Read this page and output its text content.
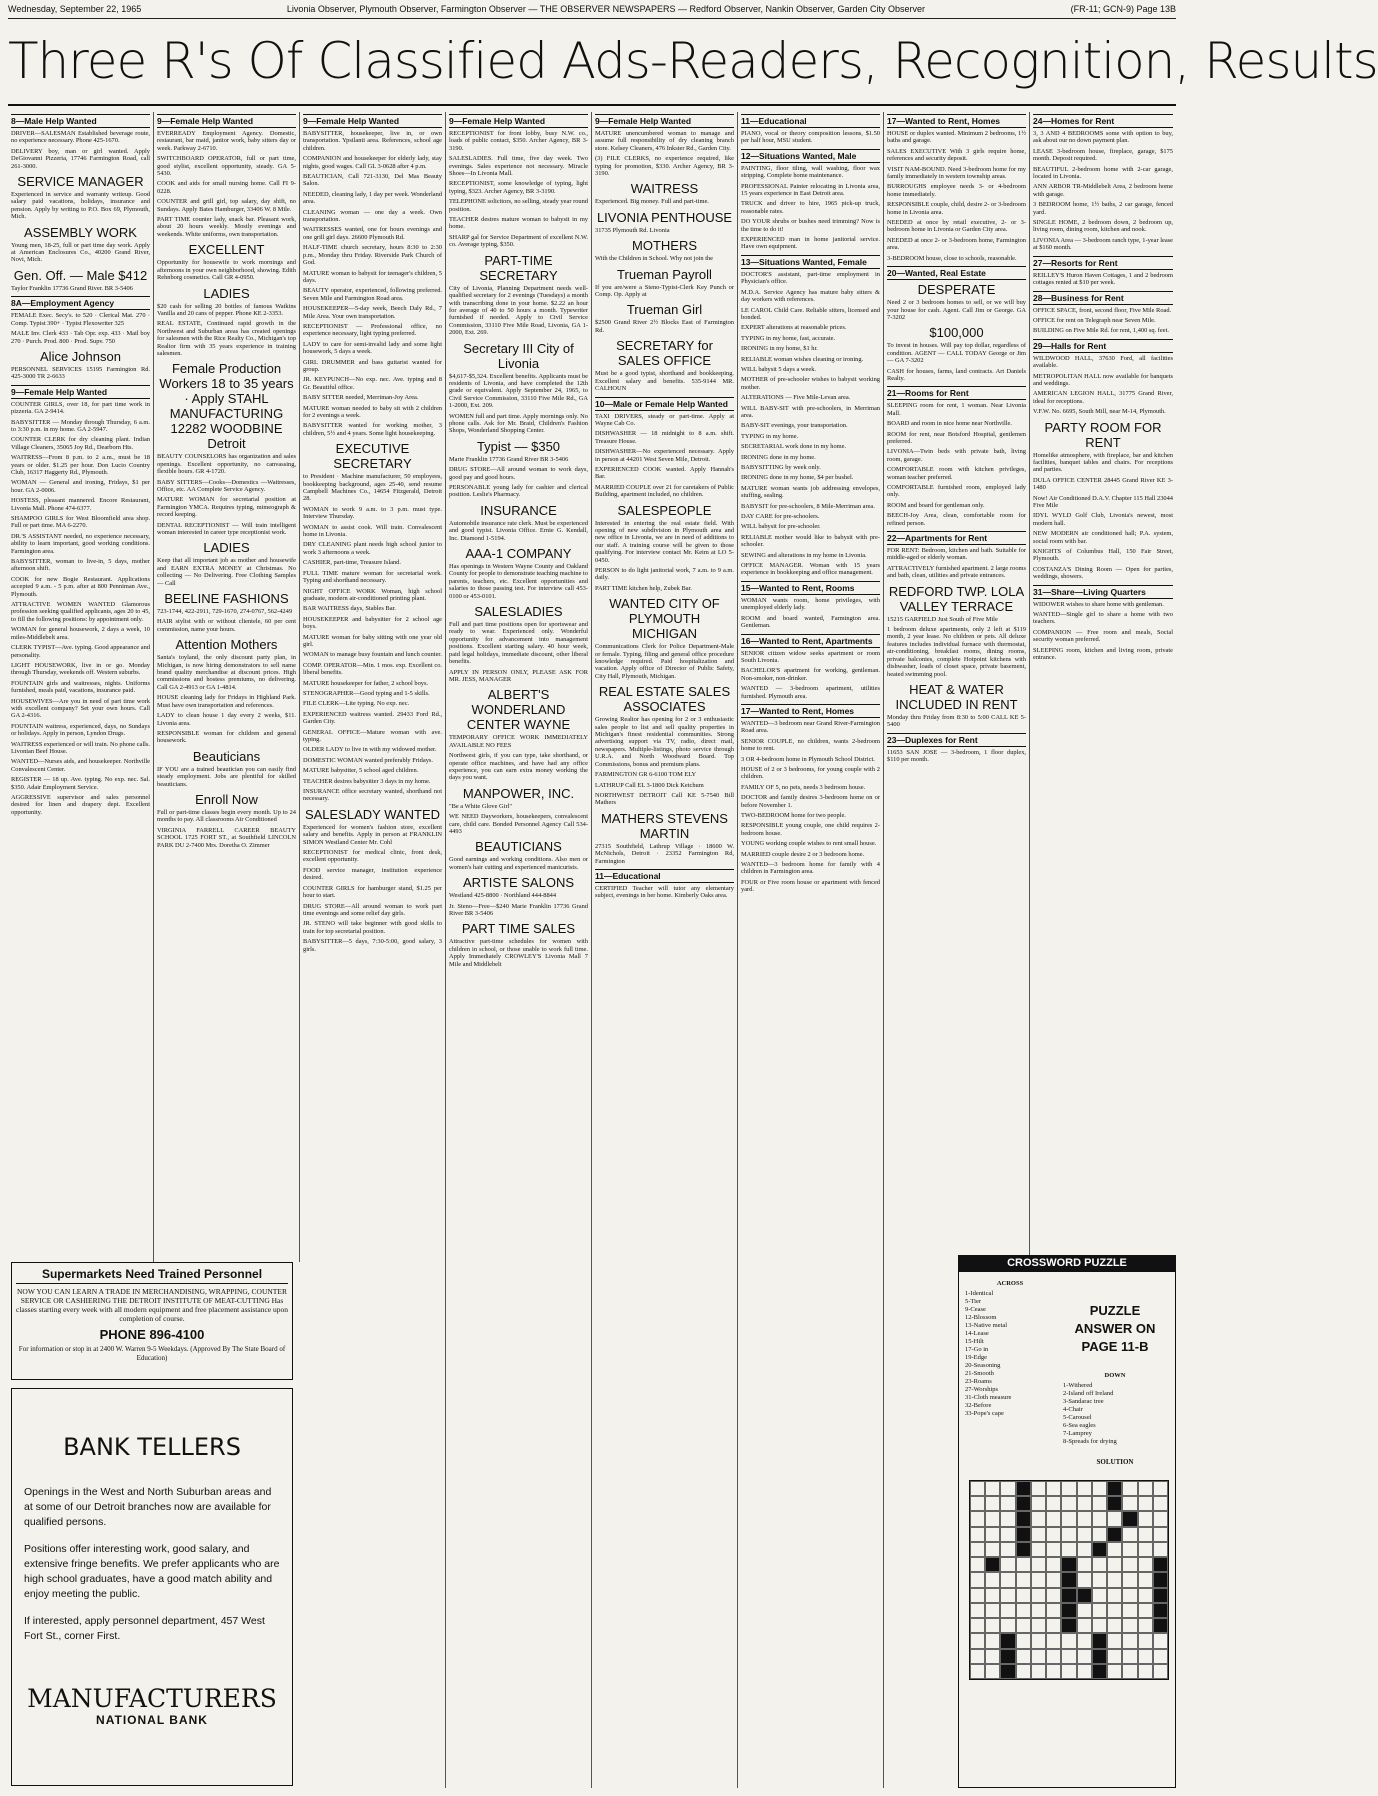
Wednesday, September 22, 1965	Livonia Observer, Plymouth Observer, Farmington Observer — THE OBSERVER NEWSPAPERS — Redford Observer, Nankin Observer, Garden City Observer	(FR-11; GCN-9) Page 13B
Three R's Of Classified Ads-Readers, Recognition, Results
8—Male Help Wanted
DRIVER—SALESMAN Established beverage route, no experience necessary. Phone 425-1670.
DELIVERY boy, man or girl wanted. Apply DeGiovanni Pizzeria, 17746 Farmington Road, call 261-3000.
SERVICE MANAGER
Experienced in service and warranty writeup. Good salary paid vacations, holidays, insurance and pension. Apply by writing to P.O. Box 69, Plymouth, Mich.
ASSEMBLY WORK
Young men, 18-25, full or part time day work. Apply at American Enclosures Co., 40200 Grand River, Novi, Mich.
Gen. Off. — Male $412
Taylor Franklin 17736 Grand River. BR 3-5406
8A—Employment Agency
FEMALE Exec. Secy's. to 520 · Clerical Mat. 270 · Comp. Typist 390+ · Typist Flexowriter 325
MALE Inv. Clerk 433 · Tab Opr. exp. 433 · Mail boy 270 · Purch. Prod. 800 · Prod. Supv. 750
Alice Johnson
PERSONNEL SERVICES 15195 Farmington Rd. 425-3000 TR 2-6633
9—Female Help Wanted
COUNTER GIRLS, over 18, for part time work in pizzeria. GA 2-9414.
BABYSITTER — Monday through Thursday, 6 a.m. to 3:30 p.m. in my home. GA 2-5947.
COUNTER CLERK for dry cleaning plant. Indian Village Cleaners, 35065 Joy Rd., Dearborn Hts.
WAITRESS—From 8 p.m. to 2 a.m., must be 18 years or older. $1.25 per hour. Don Lucio Country Club, 16317 Haggerty Rd., Plymouth.
WOMAN — General and ironing, Fridays, $1 per hour. GA 2-0006.
HOSTESS, pleasant mannered. Encore Restaurant, Livonia Mall. Phone 474-6377.
SHAMPOO GIRLS for West Bloomfield area shop. Full or part time. MA 6-2270.
DR.'S ASSISTANT needed, no experience necessary, ability to learn important, good working conditions. Farmington area.
BABYSITTER, woman to live-in, 5 days, mother afternoon shift.
COOK for new Bogie Restaurant. Applications accepted 9 a.m. - 5 p.m. after at 800 Penniman Ave., Plymouth.
ATTRACTIVE WOMEN WANTED Glamorous profession seeking qualified applicants, ages 20 to 45, to fill the following positions: by appointment only.
WOMAN for general housework, 2 days a week, 10 miles-Middlebelt area.
CLERK TYPIST—Ave. typing. Good appearance and personality.
LIGHT HOUSEWORK, live in or go. Monday through Thursday, weekends off. Western suburbs.
FOUNTAIN girls and waitresses, nights. Uniforms furnished, meals paid, vacations, insurance paid.
HOUSEWIVES—Are you in need of part time work with excellent company? Set your own hours. Call GA 2-4316.
FOUNTAIN waitress, experienced, days, no Sundays or holidays. Apply in person, Lyndon Drugs.
WAITRESS experienced or will train. No phone calls. Livonian Beef House.
WANTED—Nurses aids, and housekeeper. Northville Convalescent Center.
REGISTER — 18 up. Ave. typing. No exp. nec. Sal. $350. Adair Employment Service.
AGGRESSIVE supervisor and sales personnel desired for linen and drapery dept. Excellent opportunity.
9—Female Help Wanted
EVERREADY Employment Agency. Domestic, restaurant, bar maid, janitor work, baby sitters day or week. Parkway 2-6710.
SWITCHBOARD OPERATOR, full or part time, good stylist, excellent opportunity, steady. GA 5-5430.
COOK and aids for small nursing home. Call FI 9-0228.
COUNTER and grill girl, top salary, day shift, no Sundays. Apply Bates Hamburger, 33406 W. 8 Mile.
PART TIME counter lady, snack bar. Pleasant work, about 20 hours weekly. Mostly evenings and weekends. White uniforms, own transportation.
EXCELLENT
Opportunity for housewife to work mornings and afternoons in your own neighborhood, showing. Edith Rehnborg cosmetics. Call GR 4-0950.
LADIES
$20 cash for selling 20 bottles of famous Watkins Vanilla and 20 cans of pepper. Phone KE 2-3353.
REAL ESTATE, Continued rapid growth in the Northwest and Suburban areas has created openings for salesmen with the Rice Realty Co., Michigan's top Realtor firm with 35 years experience in training salesmen.
Female Production Workers 18 to 35 years · Apply STAHL MANUFACTURING 12282 WOODBINE Detroit
BEAUTY COUNSELORS has organization and sales openings. Excellent opportunity, no canvassing, flexible hours. GR 4-1720.
BABY SITTERS—Cooks—Domestics —Waitresses, Office, etc. AA Complete Service Agency.
MATURE WOMAN for secretarial position at Farmington YMCA. Requires typing, mimeograph & record keeping.
DENTAL RECEPTIONIST — Will train intelligent woman interested in career type receptionist work.
LADIES
Keep that all important job as mother and housewife and EARN EXTRA MONEY at Christmas. No collecting — No Delivering. Free Clothing Samples — Call
BEELINE FASHIONS
723-1744, 422-2911, 729-1670, 274-0767, 562-4249
HAIR stylist with or without clientele, 60 per cent commission, name your hours.
Attention Mothers
Santa's toyland, the only discount party plan, in Michigan, is now hiring demonstrators to sell name brand quality merchandise at discount prices. High commissions and hostess premiums, no delivering. Call GA 2-4913 or GA 1-4814.
HOUSE cleaning lady for Fridays in Highland Park. Must have own transportation and references.
LADY to clean house 1 day every 2 weeks, $11. Livonia area.
RESPONSIBLE woman for children and general housework.
Beauticians
IF YOU are a trained beautician you can easily find steady employment. Jobs are plentiful for skilled beauticians.
Enroll Now
Full or part-time classes begin every month. Up to 24 months to pay. All classrooms Air Conditioned
VIRGINIA FARRELL CAREER BEAUTY SCHOOL 1725 FORT ST., at Southfield LINCOLN PARK DU 2-7400 Mrs. Doretha O. Zimmer
9—Female Help Wanted
BABYSITTER, housekeeper, live in, or own transportation. Ypsilanti area. References, school age children.
COMPANION and housekeeper for elderly lady, stay nights, good wages. Call GL 3-0628 after 4 p.m.
BEAUTICIAN, Call 721-3130, Del Mas Beauty Salon.
NEEDED, cleaning lady, 1 day per week. Wonderland area.
CLEANING woman — one day a week. Own transportation.
WAITRESSES wanted, one for hours evenings and one grill girl days. 26600 Plymouth Rd.
HALF-TIME church secretary, hours 8:30 to 2:30 p.m., Monday thru Friday. Riverside Park Church of God.
MATURE woman to babysit for teenager's children, 5 days.
BEAUTY operator, experienced, following preferred. Seven Mile and Farmington Road area.
HOUSEKEEPER—5-day week, Beech Daly Rd., 7 Mile Area. Your own transportation.
RECEPTIONIST — Professional office, no experience necessary, light typing preferred.
LADY to care for semi-invalid lady and some light housework, 5 days a week.
GIRL DRUMMER and bass guitarist wanted for group.
JR. KEYPUNCH—No exp. nec. Ave. typing and 8 Gr. Beautiful office.
BABY SITTER needed, Merriman-Joy Area.
MATURE woman needed to baby sit with 2 children for 2 evenings a week.
BABYSITTER wanted for working mother, 3 children, 5½ and 4 years. Some light housekeeping.
EXECUTIVE SECRETARY
to President · Machine manufacturer, 50 employees, bookkeeping background, ages 25-40, send resume Campbell Machines Co., 14654 Fitzgerald, Detroit 28.
WOMAN to work 9 a.m. to 3 p.m. must type. Interview Thursday.
WOMAN to assist cook. Will train. Convalescent home in Livonia.
DRY CLEANING plant needs high school junior to work 3 afternoons a week.
CASHIER, part-time, Treasure Island.
FULL TIME mature woman for secretarial work. Typing and shorthand necessary.
NIGHT OFFICE WORK Woman, high school graduate, modern air-conditioned printing plant.
BAR WAITRESS days, Stables Bar.
HOUSEKEEPER and babysitter for 2 school age boys.
MATURE woman for baby sitting with one year old girl.
WOMAN to manage busy fountain and lunch counter.
COMP. OPERATOR—Min. 1 mos. exp. Excellent co. liberal benefits.
MATURE housekeeper for father, 2 school boys.
STENOGRAPHER—Good typing and 1-5 skills.
FILE CLERK—Lite typing. No exp. nec.
EXPERIENCED waitress wanted. 29433 Ford Rd., Garden City.
GENERAL OFFICE—Mature woman with ave. typing.
OLDER LADY to live in with my widowed mother.
DOMESTIC WOMAN wanted preferably Fridays.
MATURE babysitter, 5 school aged children.
TEACHER desires babysitter 3 days in my home.
INSURANCE office secretary wanted, shorthand not necessary.
SALESLADY WANTED
Experienced for women's fashion store, excellent salary and benefits. Apply in person at FRANKLIN SIMON Westland Center Mr. Cohl
RECEPTIONIST for medical clinic, front desk, excellent opportunity.
FOOD service manager, institution experience desired.
COUNTER GIRLS for hamburger stand, $1.25 per hour to start.
DRUG STORE—All around woman to work part time evenings and some relief day girls.
JR. STENO will take beginner with good skills to train for top secretarial position.
BABYSITTER—5 days, 7:30-5:00, good salary, 3 girls.
9—Female Help Wanted
RECEPTIONIST for front lobby, busy N.W. co., loads of public contact, $350. Archer Agency, BR 3-3190.
SALESLADIES. Full time, five day week. Two evenings. Sales experience not necessary. Miracle Shoes—In Livonia Mall.
RECEPTIONIST, some knowledge of typing, light typing, $323. Archer Agency, BR 3-3190.
TELEPHONE solicitors, no selling, steady year round position.
TEACHER desires mature woman to babysit in my home.
SHARP gal for Service Department of excellent N.W. co. Average typing, $350.
PART-TIME SECRETARY
City of Livonia, Planning Department needs well-qualified secretary for 2 evenings (Tuesdays) a month with transcribing done in your home. $2.22 an hour for average of 40 to 50 hours a month. Typewriter furnished if needed. Apply to Civil Service Commission, 33110 Five Mile Road, Livonia, GA 1-2000, Ext. 269.
Secretary III City of Livonia
$4,617-$5,324. Excellent benefits. Applicants must be residents of Livonia, and have completed the 12th grade or equivalent. Apply September 24, 1965, to Civil Service Commission, 33110 Five Mile Rd., GA 1-2000, Ext. 209.
WOMEN full and part time. Apply mornings only. No phone calls. Ask for Mr. Braid, Children's Fashion Shops, Wonderland Shopping Center.
Typist — $350
Marie Franklin 17736 Grand River BR 3-5406
DRUG STORE—All around woman to work days, good pay and good hours.
PERSONABLE young lady for cashier and clerical position. Leslie's Pharmacy.
INSURANCE
Automobile insurance rate clerk. Must be experienced and good typist. Livonia Office. Ernie G. Kendall, Inc. Diamond 1-5194.
AAA-1 COMPANY
Has openings in Western Wayne County and Oakland County for people to demonstrate teaching machine to parents, teachers, etc. Excellent opportunities and salaries to those passing test. For interview call 453-0100 or 453-0101.
SALESLADIES
Full and part time positions open for sportswear and ready to wear. Experienced only. Wonderful opportunity for advancement into management positions. Excellent starting salary. 40 hour week, paid legal holidays, immediate discount, other liberal benefits.
APPLY IN PERSON ONLY, PLEASE ASK FOR MR. JESS, MANAGER
ALBERT'S WONDERLAND CENTER WAYNE
TEMPORARY OFFICE WORK IMMEDIATELY AVAILABLE NO FEES
Northwest girls, if you can type, take shorthand, or operate office machines, and have had any office experience, you can earn extra money working the days you want.
MANPOWER, INC.
"Be a White Glove Girl"
WE NEED Dayworkers, housekeepers, convalescent care, child care. Bonded Personnel Agency Call 534-4493
BEAUTICIANS
Good earnings and working conditions. Also men or women's hair cutting and experienced manicurists.
ARTISTE SALONS
Westland 425-8800 · Northland 444-8844
Jr. Steno—Free—$240 Marie Franklin 17736 Grand River BR 3-5406
PART TIME SALES
Attractive part-time schedules for women with children in school, or those unable to work full time. Apply Immediately CROWLEY'S Livonia Mall 7 Mile and Middlebelt
9—Female Help Wanted
MATURE unencumbered woman to manage and assume full responsibility of dry cleaning branch store. Kelsey Cleaners, 476 Inkster Rd., Garden City.
(3) FILE CLERKS, no experience required, like typing for promotion, $330. Archer Agency, BR 3-3190.
WAITRESS
Experienced. Big money. Full and part-time.
LIVONIA PENTHOUSE
31735 Plymouth Rd. Livonia
MOTHERS
With the Children in School. Why not join the
Trueman Payroll
If you are/were a Steno-Typist-Clerk Key Punch or Comp. Op. Apply at
Trueman Girl
$2500 Grand River 2½ Blocks East of Farmington Rd.
SECRETARY for SALES OFFICE
Must be a good typist, shorthand and bookkeeping. Excellent salary and benefits. 535-9144 MR. CALHOUN
10—Male or Female Help Wanted
TAXI DRIVERS, steady or part-time. Apply at Wayne Cab Co.
DISHWASHER — 18 midnight to 8 a.m. shift. Treasure House.
DISHWASHER—No experienced necessary. Apply in person at 44201 West Seven Mile, Detroit.
EXPERIENCED COOK wanted. Apply Hannah's Bar.
MARRIED COUPLE over 21 for caretakers of Public Building, apartment included, no children.
SALESPEOPLE
Interested in entering the real estate field. With opening of new subdivision in Plymouth area and new office in Livonia, we are in need of additions to our staff. A training course will be given to those qualifying. For interview contact Mr. Keim at LO 5-0450.
PERSON to do light janitorial work, 7 a.m. to 9 a.m. daily.
PART TIME kitchen help, Zubek Bar.
WANTED CITY OF PLYMOUTH MICHIGAN
Communications Clerk for Police Department-Male or female. Typing, filing and general office procedure knowledge required. Paid hospitalization and vacation. Apply office of Director of Public Safety, City Hall, Plymouth, Michigan.
REAL ESTATE SALES ASSOCIATES
Growing Realtor has opening for 2 or 3 enthusiastic sales people to list and sell quality properties in Michigan's finest residential communities. Strong advertising support via TV, radio, direct mail, newspapers. Multiple-listings, photo service through U.R.A. and North Woodward Board. Top Commissions, bonus and premium plans.
FARMINGTON GR 6-6100 TOM ELY
LATHRUP Call EL 3-1800 Dick Ketchum
NORTHWEST DETROIT Call KE 5-7540 Bill Mathers
MATHERS STEVENS MARTIN
27315 Southfield, Lathrup Village · 18600 W. McNichols, Detroit · 23352 Farmington Rd, Farmington
11—Educational
CERTIFIED Teacher will tutor any elementary subject, evenings in her home. Kimberly Oaks area.
11—Educational
PIANO, vocal or theory composition lessons, $1.50 per half hour, MSU student.
12—Situations Wanted, Male
PAINTING, floor tiling, wall washing, floor wax stripping. Complete home maintenance.
PROFESSIONAL Painter relocating in Livonia area, 15 years experience in East Detroit area.
TRUCK and driver to hire, 1965 pick-up truck, reasonable rates.
DO YOUR shrubs or bushes need trimming? Now is the time to do it!
EXPERIENCED man in home janitorial service. Have own equipment.
13—Situations Wanted, Female
DOCTOR'S assistant, part-time employment in Physician's office.
M.D.A. Service Agency has mature baby sitters & day workers with references.
LE CAROL Child Care. Reliable sitters, licensed and bonded.
EXPERT alterations at reasonable prices.
TYPING in my home, fast, accurate.
IRONING in my home, $1 hr.
RELIABLE woman wishes cleaning or ironing.
WILL babysit 5 days a week.
MOTHER of pre-schooler wishes to babysit working mother.
ALTERATIONS — Five Mile-Levan area.
WILL BABY-SIT with pre-schoolers, in Merriman area.
BABY-SIT evenings, your transportation.
TYPING in my home.
SECRETARIAL work done in my home.
IRONING done in my home.
BABYSITTING by week only.
IRONING done in my home, $4 per bushel.
MATURE woman wants job addressing envelopes, stuffing, sealing.
BABYSIT for pre-schoolers, 8 Mile-Merriman area.
DAY CARE for pre-schoolers.
WILL babysit for pre-schooler.
RELIABLE mother would like to babysit with pre-schooler.
SEWING and alterations in my home in Livonia.
OFFICE MANAGER. Woman with 15 years experience in bookkeeping and office management.
15—Wanted to Rent, Rooms
WOMAN wants room, home privileges, with unemployed elderly lady.
ROOM and board wanted, Farmington area. Gentleman.
16—Wanted to Rent, Apartments
SENIOR citizen widow seeks apartment or room South Livonia.
BACHELOR'S apartment for working, gentleman. Non-smoker, non-drinker.
WANTED — 3-bedroom apartment, utilities furnished. Plymouth area.
17—Wanted to Rent, Homes
WANTED—3 bedroom near Grand River-Farmington Road area.
SENIOR COUPLE, no children, wants 2-bedroom home to rent.
3 OR 4-bedroom home in Plymouth School District.
HOUSE of 2 or 3 bedrooms, for young couple with 2 children.
FAMILY OF 5, no pets, needs 3 bedroom house.
DOCTOR and family desires 3-bedroom home on or before November 1.
TWO-BEDROOM home for two people.
RESPONSIBLE young couple, one child requires 2-bedroom house.
YOUNG working couple wishes to rent small house.
MARRIED couple desire 2 or 3 bedroom home.
WANTED—3 bedroom home for family with 4 children in Farmington area.
FOUR or Five room house or apartment with fenced yard.
17—Wanted to Rent, Homes
HOUSE or duplex wanted. Minimum 2 bedrooms, 1½ baths and garage.
SALES EXECUTIVE With 3 girls require home, references and security deposit.
VISIT NAM-BOUND. Need 3-bedroom home for my family immediately in western township areas.
BURROUGHS employee needs 3- or 4-bedroom home immediately.
RESPONSIBLE couple, child, desire 2- or 3-bedroom home in Livonia area.
NEEDED at once by retail executive, 2- or 3-bedroom home in Livonia or Garden City area.
NEEDED at once 2- or 3-bedroom home, Farmington area.
3-BEDROOM house, close to schools, reasonable.
20—Wanted, Real Estate
DESPERATE
Need 2 or 3 bedroom homes to sell, or we will buy your house for cash. Agent. Call Jim or George. GA 7-3202
$100,000
To invest in houses. Will pay top dollar, regardless of condition. AGENT — CALL TODAY George or Jim — GA 7-3202
CASH for houses, farms, land contracts. Art Daniels Realty.
21—Rooms for Rent
SLEEPING room for rent, 1 woman. Near Livonia Mall.
BOARD and room in nice home near Northville.
ROOM for rent, near Botsford Hospital, gentlemen preferred.
LIVONIA—Twin beds with private bath, living room, garage.
COMFORTABLE room with kitchen privileges, woman teacher preferred.
COMFORTABLE furnished room, employed lady only.
ROOM and board for gentleman only.
BEECH-Joy Area, clean, comfortable room for refined person.
22—Apartments for Rent
FOR RENT: Bedroom, kitchen and bath. Suitable for middle-aged or elderly woman.
ATTRACTIVELY furnished apartment. 2 large rooms and bath, clean, utilities and private entrances.
REDFORD TWP. LOLA VALLEY TERRACE
15215 GARFIELD Just South of Five Mile
1 bedroom deluxe apartments, only 2 left at $119 month, 2 year lease. No children or pets. All deluxe features includes individual furnace with thermostat, air-conditioning, breakfast rooms, dining rooms, private balconies, complete Hotpoint kitchens with dishwasher, loads of closet space, private basement, heated swimming pool.
HEAT & WATER INCLUDED IN RENT
Monday thru Friday from 8:30 to 5:00 CALL KE 5-5400
23—Duplexes for Rent
11653 SAN JOSE — 3-bedroom, 1 floor duplex, $110 per month.
24—Homes for Rent
3, 3 AND 4 BEDROOMS some with option to buy, ask about our no down payment plan.
LEASE 3-bedroom house, fireplace, garage, $175 month. Deposit required.
BEAUTIFUL 2-bedroom home with 2-car garage, located in Livonia.
ANN ARBOR TR-Middlebelt Area, 2 bedroom home with garage.
3 BEDROOM home, 1½ baths, 2 car garage, fenced yard.
SINGLE HOME, 2 bedroom down, 2 bedroom up, living room, dining room, kitchen and nook.
LIVONIA Area — 3-bedroom ranch type, 1-year lease at $160 month.
27—Resorts for Rent
REILLEY'S Huron Haven Cottages, 1 and 2 bedroom cottages rented at $10 per week.
28—Business for Rent
OFFICE SPACE, front, second floor, Five Mile Road.
OFFICE for rent on Telegraph near Seven Mile.
BUILDING on Five Mile Rd. for rent, 1,400 sq. feet.
29—Halls for Rent
WILDWOOD HALL, 37630 Ford, all facilities available.
METROPOLITAN HALL now available for banquets and weddings.
AMERICAN LEGION HALL, 31775 Grand River, ideal for receptions.
V.F.W. No. 6695, South Mill, near M-14, Plymouth.
PARTY ROOM FOR RENT
Homelike atmosphere, with fireplace, bar and kitchen facilities, banquet tables and chairs. For receptions and parties.
DULA OFFICE CENTER 28445 Grand River KE 3-1480
Now! Air Conditioned D.A.V. Chapter 115 Hall 23044 Five Mile
IDYL WYLD Golf Club, Livonia's newest, most modern hall.
NEW MODERN air conditioned hall; P.A. system, social room with bar.
KNIGHTS of Columbus Hall, 150 Fair Street, Plymouth.
COSTANZA'S Dining Room — Open for parties, weddings, showers.
31—Share—Living Quarters
WIDOWER wishes to share home with gentleman.
WANTED—Single girl to share a home with two teachers.
COMPANION — Free room and meals, Social security woman preferred.
SLEEPING room, kitchen and living room, private entrance.
Supermarkets Need Trained Personnel
NOW YOU CAN LEARN A TRADE IN MERCHANDISING, WRAPPING, COUNTER SERVICE OR CASHIERING THE DETROIT INSTITUTE OF MEAT-CUTTING Has classes starting every week with all modern equipment and free placement assistance upon completion of course.
PHONE 896-4100
For information or stop in at 2400 W. Warren 9-5 Weekdays. (Approved By The State Board of Education)
BANK TELLERS
Openings in the West and North Suburban areas and at some of our Detroit branches now are available for qualified persons.
Positions offer interesting work, good salary, and extensive fringe benefits. We prefer applicants who are high school graduates, have a good match ability and enjoy meeting the public.
If interested, apply personnel department, 457 West Fort St., corner First.
MANUFACTURERS
NATIONAL BANK
CROSSWORD PUZZLE
ACROSS
1-Identical
5-Tier
9-Cease
12-Blossom
13-Native metal
14-Lease
15-Hilt
17-Go in
19-Edge
20-Seasoning
21-Smooth
23-Roams
27-Worships
31-Cloth measure
32-Before
33-Pope's cape
PUZZLE ANSWER ON PAGE 11-B
DOWN
1-Withered
2-Island off Ireland
3-Sandarac tree
4-Chair
5-Carousel
6-Sea eagles
7-Lamprey
8-Spreads for drying
SOLUTION
